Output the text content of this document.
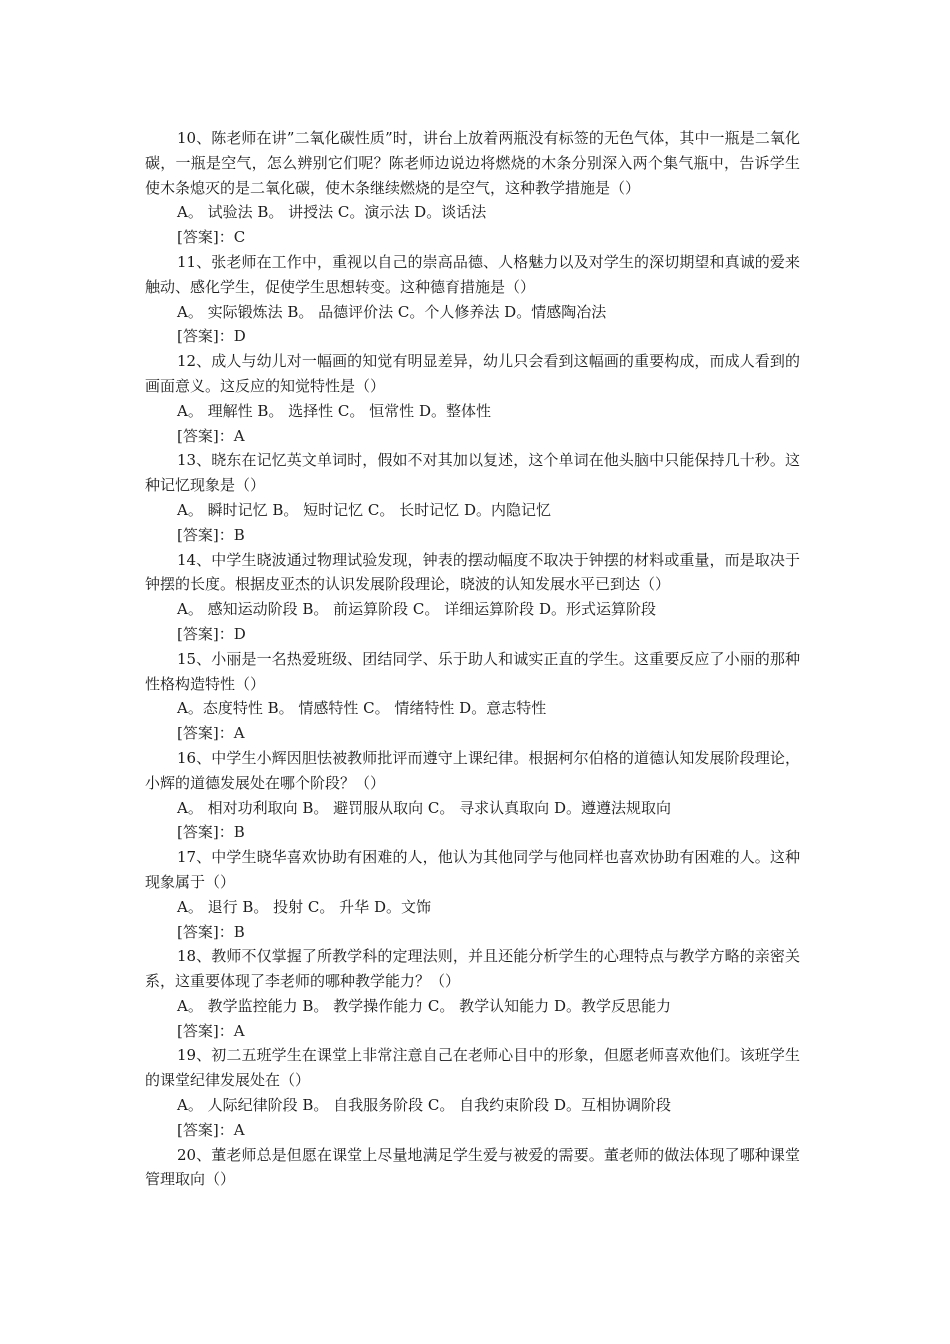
10、陈老师在讲”二氧化碳性质”时，讲台上放着两瓶没有标签的无色气体，其中一瓶是二氧化碳，一瓶是空气，怎么辨别它们呢？陈老师边说边将燃烧的木条分别深入两个集气瓶中，告诉学生使木条熄灭的是二氧化碳，使木条继续燃烧的是空气，这种教学措施是（）

A。 试验法 B。 讲授法 C。演示法 D。谈话法

[答案]：C

11、张老师在工作中，重视以自己的崇高品德、人格魅力以及对学生的深切期望和真诚的爱来触动、感化学生，促使学生思想转变。这种德育措施是（）

A。 实际锻炼法 B。 品德评价法 C。个人修养法 D。情感陶冶法

[答案]：D

12、成人与幼儿对一幅画的知觉有明显差异，幼儿只会看到这幅画的重要构成，而成人看到的画面意义。这反应的知觉特性是（）

A。 理解性 B。 选择性 C。 恒常性 D。整体性

[答案]：A

13、晓东在记忆英文单词时，假如不对其加以复述，这个单词在他头脑中只能保持几十秒。这种记忆现象是（）

A。 瞬时记忆 B。 短时记忆 C。 长时记忆 D。内隐记忆

[答案]：B

14、中学生晓波通过物理试验发现，钟表的摆动幅度不取决于钟摆的材料或重量，而是取决于钟摆的长度。根据皮亚杰的认识发展阶段理论，晓波的认知发展水平已到达（）

A。 感知运动阶段 B。 前运算阶段 C。 详细运算阶段 D。形式运算阶段

[答案]：D

15、小丽是一名热爱班级、团结同学、乐于助人和诚实正直的学生。这重要反应了小丽的那种性格构造特性（）

A。态度特性 B。 情感特性 C。 情绪特性 D。意志特性

[答案]：A

16、中学生小辉因胆怯被教师批评而遵守上课纪律。根据柯尔伯格的道德认知发展阶段理论，小辉的道德发展处在哪个阶段？（）

A。 相对功利取向 B。 避罚服从取向 C。 寻求认真取向 D。遵遵法规取向

[答案]：B

17、中学生晓华喜欢协助有困难的人，他认为其他同学与他同样也喜欢协助有困难的人。这种现象属于（）

A。 退行 B。 投射 C。 升华 D。文饰

[答案]：B

18、教师不仅掌握了所教学科的定理法则，并且还能分析学生的心理特点与教学方略的亲密关系，这重要体现了李老师的哪种教学能力？（）

A。 教学监控能力 B。 教学操作能力 C。 教学认知能力 D。教学反思能力

[答案]：A

19、初二五班学生在课堂上非常注意自己在老师心目中的形象，但愿老师喜欢他们。该班学生的课堂纪律发展处在（）

A。 人际纪律阶段 B。 自我服务阶段 C。 自我约束阶段 D。互相协调阶段

[答案]：A

20、董老师总是但愿在课堂上尽量地满足学生爱与被爱的需要。董老师的做法体现了哪种课堂管理取向（）
